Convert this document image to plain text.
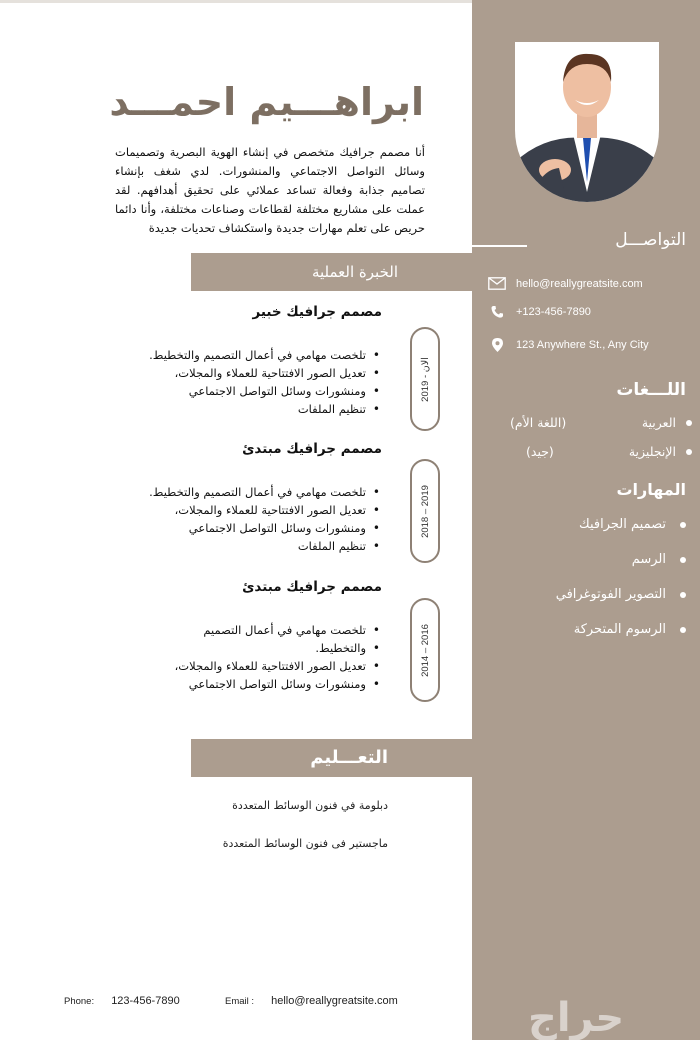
ابراهـــيم احمـــد

أنا مصمم جرافيك متخصص في إنشاء الهوية البصرية وتصميمات وسائل التواصل الاجتماعي والمنشورات. لدي شغف بإنشاء تصاميم جذابة وفعالة تساعد عملائي على تحقيق أهدافهم. لقد عملت على مشاريع مختلفة لقطاعات وصناعات مختلفة، وأنا دائما حريص على تعلم مهارات جديدة واستكشاف تحديات جديدة

التواصـــل
hello@reallygreatsite.com
+123-456-7890
123 Anywhere St., Any City
اللـــغات
العربية
(اللغة الأم)
الإنجليزية
(جيد)
المهارات
تصميم الجرافيك
الرسم
التصوير الفوتوغرافي
الرسوم المتحركة
الخبرة العملية
مصمم جرافيك خبير
• تلخصت مهامي في أعمال التصميم والتخطيط.
• تعديل الصور الافتتاحية للعملاء والمجلات،
• ومنشورات وسائل التواصل الاجتماعي
• تنظيم الملفات
2019 - الان
مصمم جرافيك مبتدئ
• تلخصت مهامي في أعمال التصميم والتخطيط.
• تعديل الصور الافتتاحية للعملاء والمجلات،
• ومنشورات وسائل التواصل الاجتماعي
• تنظيم الملفات
2018 – 2019
مصمم جرافيك مبتدئ
• تلخصت مهامي في أعمال التصميم
• والتخطيط.
• تعديل الصور الافتتاحية للعملاء والمجلات،
• ومنشورات وسائل التواصل الاجتماعي
2014 – 2016
التعـــليم
دبلومة في فنون الوسائط المتعددة
ماجستير فى فنون الوسائط المتعددة
Phone: 123-456-7890	Email : hello@reallygreatsite.com	حراج
